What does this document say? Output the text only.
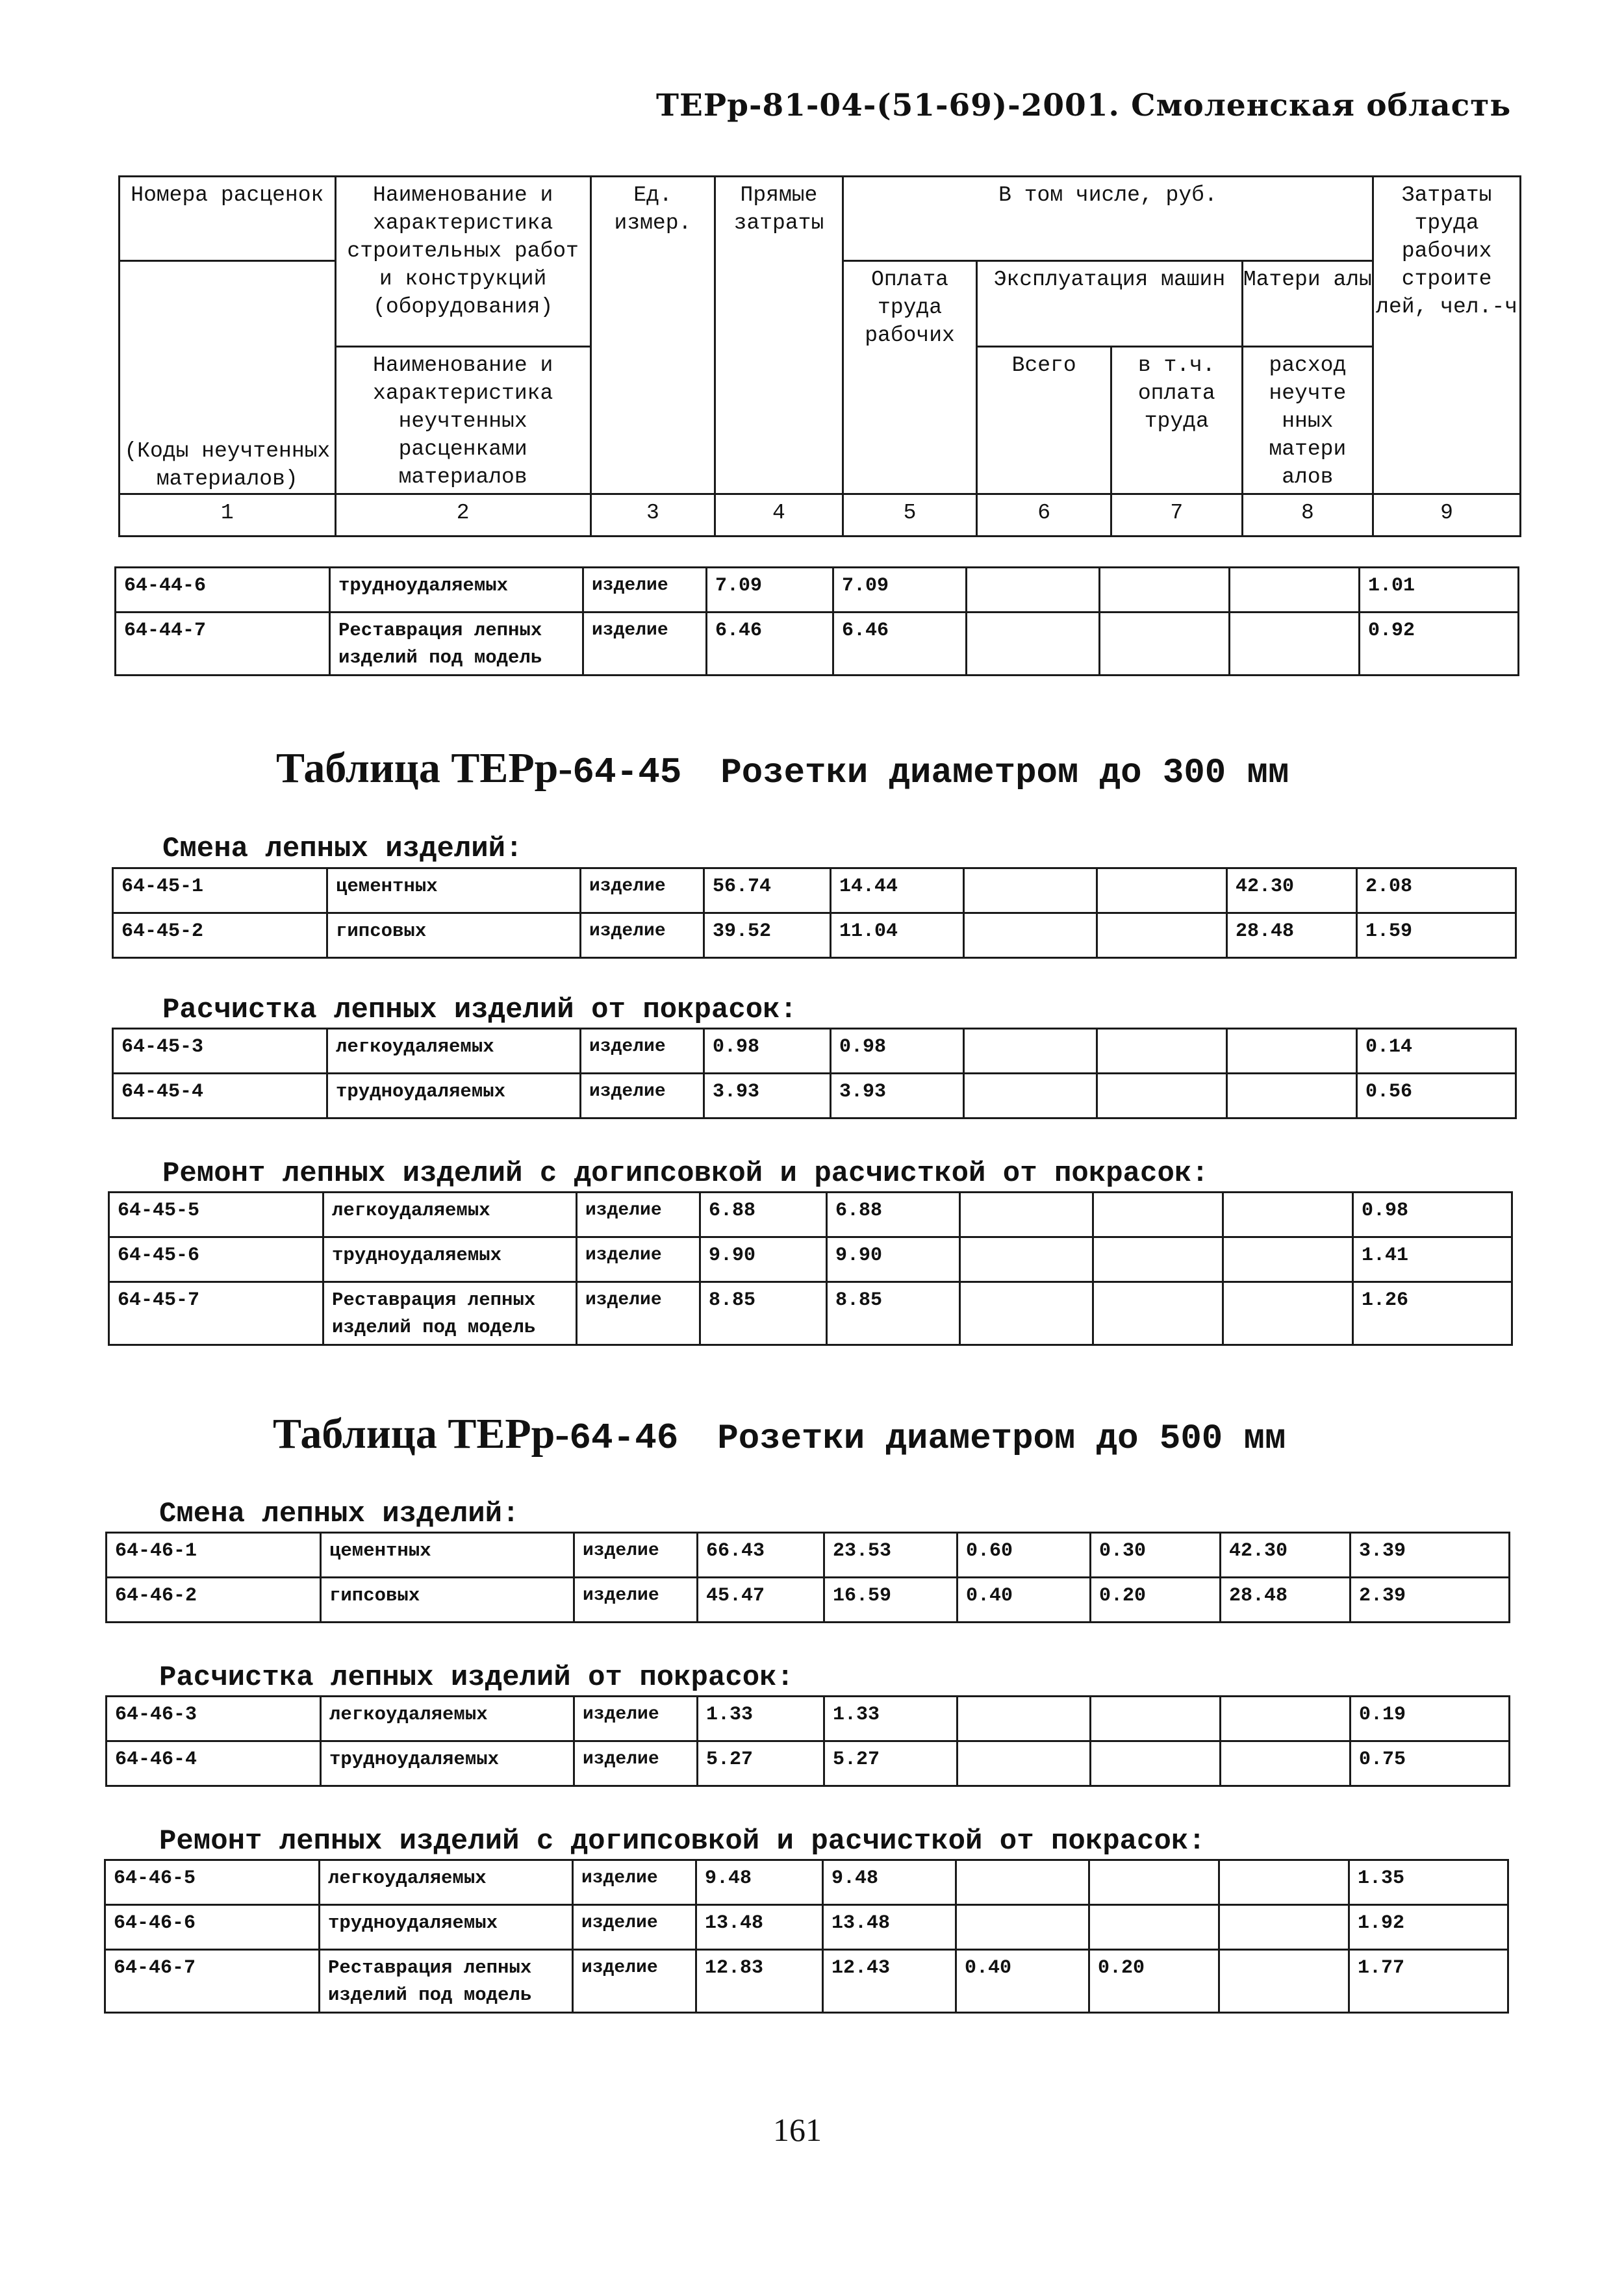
ТЕРр-81-04-(51-69)-2001. Смоленская область
Номера расценок	Наименование и характеристика строительных работ и конструкций (оборудования)	Ед. измер.	Прямые затраты	В том числе, руб.				Затраты труда рабочих строите лей, чел.-ч
(Коды неучтенных материалов)				Оплата труда рабочих	Эксплуатация машин		Матери алы	
	Наименование и характеристика неучтенных расценками материалов				Всего	в т.ч. оплата труда	расход неучте нных матери алов	
1	2	3	4	5	6	7	8	9
64-44-6	трудноудаляемых	изделие	7.09	7.09				1.01
64-44-7	Реставрация лепных изделий под модель	изделие	6.46	6.46				0.92
Таблица ТЕРр-64-45 Розетки диаметром до 300 мм
Смена лепных изделий:
64-45-1	цементных	изделие	56.74	14.44			42.30	2.08
64-45-2	гипсовых	изделие	39.52	11.04			28.48	1.59
Расчистка лепных изделий от покрасок:
64-45-3	легкоудаляемых	изделие	0.98	0.98				0.14
64-45-4	трудноудаляемых	изделие	3.93	3.93				0.56
Ремонт лепных изделий с догипсовкой и расчисткой от покрасок:
64-45-5	легкоудаляемых	изделие	6.88	6.88				0.98
64-45-6	трудноудаляемых	изделие	9.90	9.90				1.41
64-45-7	Реставрация лепных изделий под модель	изделие	8.85	8.85				1.26
Таблица ТЕРр-64-46 Розетки диаметром до 500 мм
Смена лепных изделий:
64-46-1	цементных	изделие	66.43	23.53	0.60	0.30	42.30	3.39
64-46-2	гипсовых	изделие	45.47	16.59	0.40	0.20	28.48	2.39
Расчистка лепных изделий от покрасок:
64-46-3	легкоудаляемых	изделие	1.33	1.33				0.19
64-46-4	трудноудаляемых	изделие	5.27	5.27				0.75
Ремонт лепных изделий с догипсовкой и расчисткой от покрасок:
64-46-5	легкоудаляемых	изделие	9.48	9.48				1.35
64-46-6	трудноудаляемых	изделие	13.48	13.48				1.92
64-46-7	Реставрация лепных изделий под модель	изделие	12.83	12.43	0.40	0.20		1.77
161
